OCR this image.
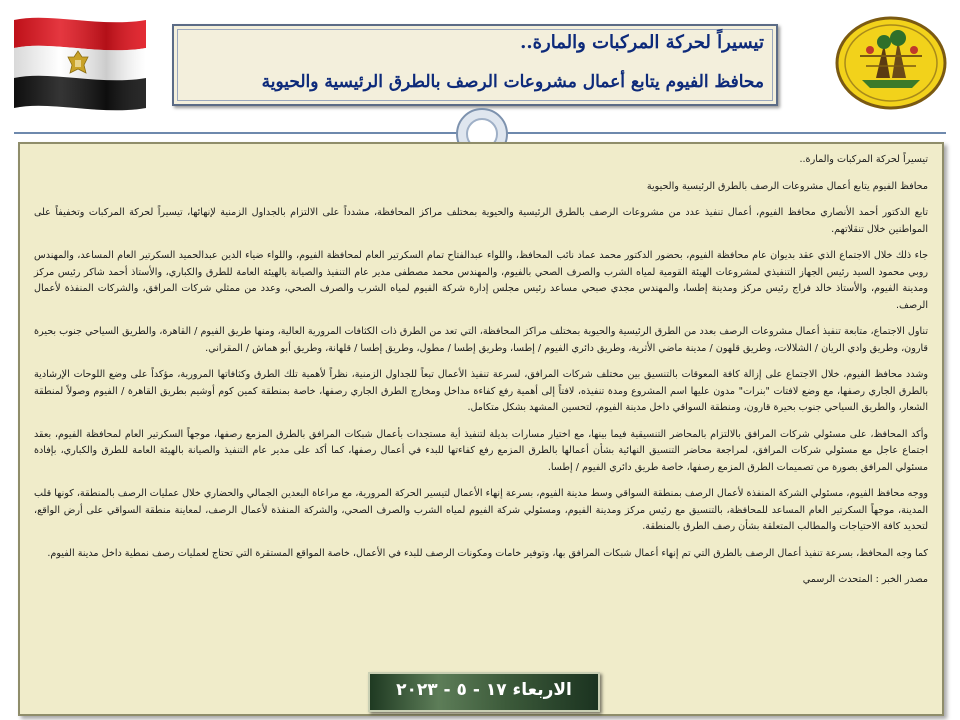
تيسيراً لحركة المركبات والمارة..
محافظ الفيوم يتابع أعمال مشروعات الرصف بالطرق الرئيسية والحيوية

تيسيراً لحركة المركبات والمارة..

محافظ الفيوم يتابع أعمال مشروعات الرصف بالطرق الرئيسية والحيوية

تابع الدكتور أحمد الأنصاري محافظ الفيوم، أعمال تنفيذ عدد من مشروعات الرصف بالطرق الرئيسية والحيوية بمختلف مراكز المحافظة، مشدداً على الالتزام بالجداول الزمنية لإنهائها، تيسيراً لحركة المركبات وتخفيفاً على المواطنين خلال تنقلاتهم.

جاء ذلك خلال الاجتماع الذي عقد بديوان عام محافظة الفيوم، بحضور الدكتور محمد عماد نائب المحافظ، واللواء عبدالفتاح تمام السكرتير العام لمحافظة الفيوم، واللواء ضياء الدين عبدالحميد السكرتير العام المساعد، والمهندس روبي محمود السيد رئيس الجهاز التنفيذي لمشروعات الهيئة القومية لمياه الشرب والصرف الصحي بالفيوم، والمهندس محمد مصطفى مدير عام التنفيذ والصيانة بالهيئة العامة للطرق والكباري، والأستاذ أحمد شاكر رئيس مركز ومدينة الفيوم، والأستاذ خالد فراج رئيس مركز ومدينة إطسا، والمهندس مجدي صبحي مساعد رئيس مجلس إدارة شركة الفيوم لمياه الشرب والصرف الصحي، وعدد من ممثلي شركات المرافق، والشركات المنفذة لأعمال الرصف.

تناول الاجتماع، متابعة تنفيذ أعمال مشروعات الرصف بعدد من الطرق الرئيسية والحيوية بمختلف مراكز المحافظة، التي تعد من الطرق ذات الكثافات المرورية العالية، ومنها طريق الفيوم / القاهرة، والطريق السياحي جنوب بحيرة قارون، وطريق وادي الريان / الشلالات، وطريق قلهون / مدينة ماضي الأثرية، وطريق دائري الفيوم / إطسا، وطريق إطسا / مطول، وطريق إطسا / قلهانة، وطريق أبو هماش / المقراني.

وشدد محافظ الفيوم، خلال الاجتماع على إزالة كافة المعوقات بالتنسيق بين مختلف شركات المرافق، لسرعة تنفيذ الأعمال تبعاً للجداول الزمنية، نظراً لأهمية تلك الطرق وكثافاتها المرورية، مؤكداً على وضع اللوحات الإرشادية بالطرق الجاري رصفها، مع وضع لافتات "بنرات" مدون عليها اسم المشروع ومدة تنفيذه، لافتاً إلى أهمية رفع كفاءة مداخل ومخارج الطرق الجاري رصفها، خاصة بمنطقة كمين كوم أوشيم بطريق القاهرة / الفيوم وصولاً لمنطقة الشعار، والطريق السياحي جنوب بحيرة قارون، ومنطقة السواقي داخل مدينة الفيوم، لتحسين المشهد بشكل متكامل.

وأكد المحافظ، على مسئولي شركات المرافق بالالتزام بالمحاضر التنسيقية فيما بينها، مع اختيار مسارات بديلة لتنفيذ أية مستجدات بأعمال شبكات المرافق بالطرق المزمع رصفها، موجهاً السكرتير العام لمحافظة الفيوم، بعقد اجتماع عاجل مع مسئولي شركات المرافق، لمراجعة محاضر التنسيق النهائية بشأن أعمالها بالطرق المزمع رفع كفاءتها للبدء في أعمال رصفها، كما أكد على مدير عام التنفيذ والصيانة بالهيئة العامة للطرق والكباري، بإفادة مسئولي المرافق بصورة من تصميمات الطرق المزمع رصفها، خاصة طريق دائري الفيوم / إطسا.

ووجه محافظ الفيوم، مسئولي الشركة المنفذة لأعمال الرصف بمنطقة السواقي وسط مدينة الفيوم، بسرعة إنهاء الأعمال لتيسير الحركة المرورية، مع مراعاة البعدين الجمالي والحضاري خلال عمليات الرصف بالمنطقة، كونها قلب المدينة، موجهاً السكرتير العام المساعد للمحافظة، بالتنسيق مع رئيس مركز ومدينة الفيوم، ومسئولي شركة الفيوم لمياه الشرب والصرف الصحي، والشركة المنفذة لأعمال الرصف، لمعاينة منطقة السواقي على أرض الواقع، لتحديد كافة الاحتياجات والمطالب المتعلقة بشأن رصف الطرق بالمنطقة.

كما وجه المحافظ، بسرعة تنفيذ أعمال الرصف بالطرق التي تم إنهاء أعمال شبكات المرافق بها، وتوفير خامات ومكونات الرصف للبدء في الأعمال، خاصة المواقع المستقرة التي تحتاج لعمليات رصف نمطية داخل مدينة الفيوم.

مصدر الخبر : المتحدث الرسمي

الاربعاء ١٧ - ٥ - ٢٠٢٣
